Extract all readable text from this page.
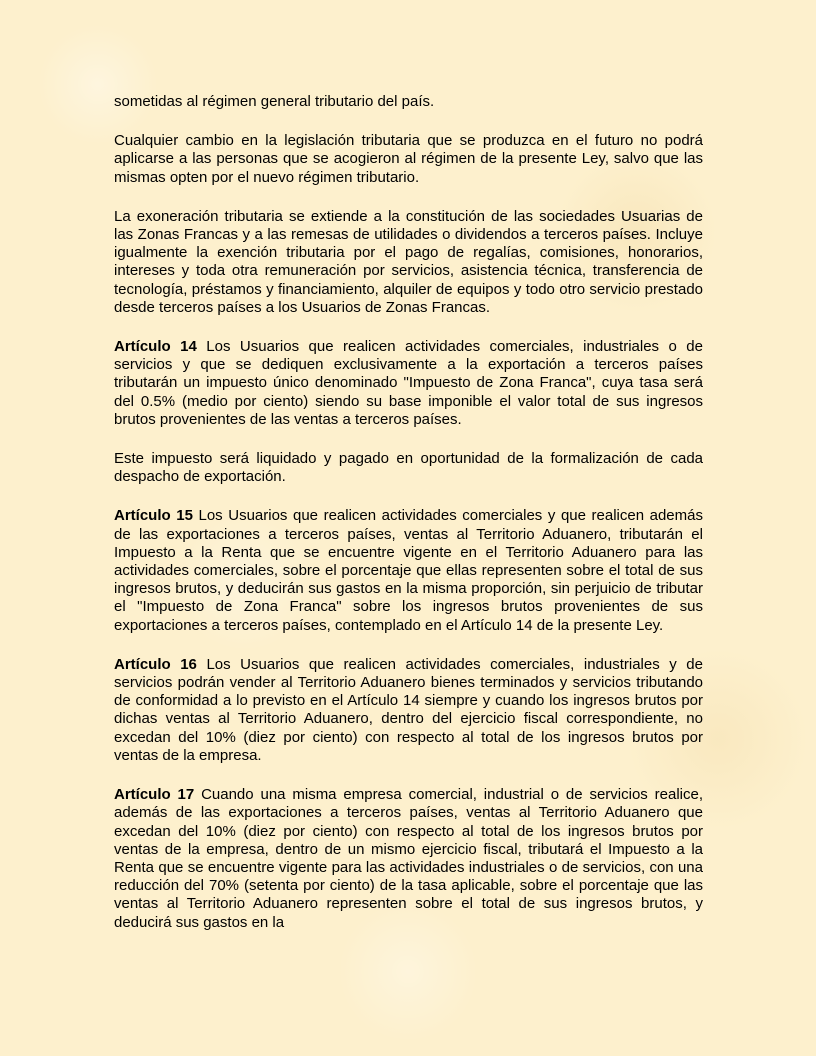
sometidas al régimen general tributario del país.

Cualquier cambio en la legislación tributaria que se produzca en el futuro no podrá aplicarse a las personas que se acogieron al régimen de la presente Ley, salvo que las mismas opten por el nuevo régimen tributario.

La exoneración tributaria se extiende a la constitución de las sociedades Usuarias de las Zonas Francas y a las remesas de utilidades o dividendos a terceros países. Incluye igualmente la exención tributaria por el pago de regalías, comisiones, honorarios, intereses y toda otra remuneración por servicios, asistencia técnica, transferencia de tecnología, préstamos y financiamiento, alquiler de equipos y todo otro servicio prestado desde terceros países a los Usuarios de Zonas Francas.

Artículo 14 Los Usuarios que realicen actividades comerciales, industriales o de servicios y que se dediquen exclusivamente a la exportación a terceros países tributarán un impuesto único denominado "Impuesto de Zona Franca", cuya tasa será del 0.5% (medio por ciento) siendo su base imponible el valor total de sus ingresos brutos provenientes de las ventas a terceros países.

Este impuesto será liquidado y pagado en oportunidad de la formalización de cada despacho de exportación.

Artículo 15 Los Usuarios que realicen actividades comerciales y que realicen además de las exportaciones a terceros países, ventas al Territorio Aduanero, tributarán el Impuesto a la Renta que se encuentre vigente en el Territorio Aduanero para las actividades comerciales, sobre el porcentaje que ellas representen sobre el total de sus ingresos brutos, y deducirán sus gastos en la misma proporción, sin perjuicio de tributar el "Impuesto de Zona Franca" sobre los ingresos brutos provenientes de sus exportaciones a terceros países, contemplado en el Artículo 14 de la presente Ley.

Artículo 16 Los Usuarios que realicen actividades comerciales, industriales y de servicios podrán vender al Territorio Aduanero bienes terminados y servicios tributando de conformidad a lo previsto en el Artículo 14 siempre y cuando los ingresos brutos por dichas ventas al Territorio Aduanero, dentro del ejercicio fiscal correspondiente, no excedan del 10% (diez por ciento) con respecto al total de los ingresos brutos por ventas de la empresa.

Artículo 17 Cuando una misma empresa comercial, industrial o de servicios realice, además de las exportaciones a terceros países, ventas al Territorio Aduanero que excedan del 10% (diez por ciento) con respecto al total de los ingresos brutos por ventas de la empresa, dentro de un mismo ejercicio fiscal, tributará el Impuesto a la Renta que se encuentre vigente para las actividades industriales o de servicios, con una reducción del 70% (setenta por ciento) de la tasa aplicable, sobre el porcentaje que las ventas al Territorio Aduanero representen sobre el total de sus ingresos brutos, y deducirá sus gastos en la
